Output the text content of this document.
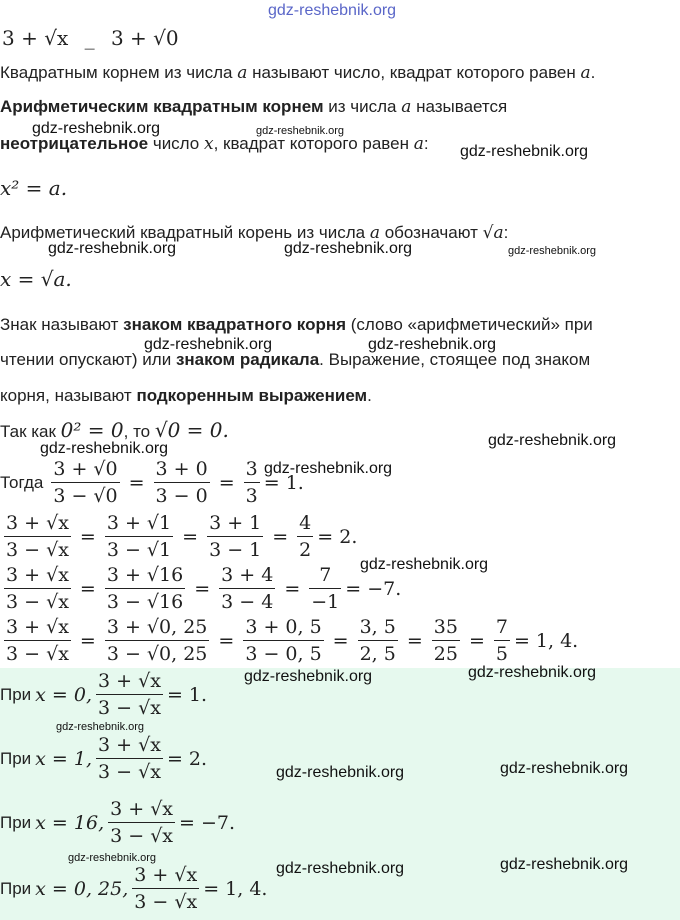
gdz-reshebnik.org
3 + √x _ 3 + √0
Квадратным корнем из числа a называют число, квадрат которого равен a.
Арифметическим квадратным корнем из числа a называется
gdz-reshebnik.org	gdz-reshebnik.org
неотрицательное число x, квадрат которого равен a: gdz-reshebnik.org
x² = a.
Арифметический квадратный корень из числа a обозначают √a:
gdz-reshebnik.org	gdz-reshebnik.org	gdz-reshebnik.org
x = √a.
Знак называют знаком квадратного корня (слово «арифметический» при
gdz-reshebnik.org	gdz-reshebnik.org
чтении опускают) или знаком радикала. Выражение, стоящее под знаком
корня, называют подкоренным выражением.
Так как 0² = 0, то √0 = 0.	gdz-reshebnik.org
gdz-reshebnik.org
Тогда $\frac{3 + √0}{3 - √0} = \frac{3 + 0}{3 - 0} = \frac{3}{3} = 1$.
gdz-reshebnik.org
$\frac{3 + √x}{3 - √x} = \frac{3 + √1}{3 - √1} = \frac{3 + 1}{3 - 1} = \frac{4}{2} = 2$.
gdz-reshebnik.org
$\frac{3 + √x}{3 - √x} = \frac{3 + √16}{3 - √16} = \frac{3 + 4}{3 - 4} = \frac{7}{-1} = -7$.
$\frac{3 + √x}{3 - √x} = \frac{3 + √0, 25}{3 - √0, 25} = \frac{3 + 0, 5}{3 - 0, 5} = \frac{3, 5}{2, 5} = \frac{35}{25} = \frac{7}{5} = 1$, 4.
При x = 0, $\frac{3 + √x}{3 - √x} = 1$.
gdz-reshebnik.org	gdz-reshebnik.org
gdz-reshebnik.org
При x = 1, $\frac{3 + √x}{3 - √x} = 2$.
gdz-reshebnik.org	gdz-reshebnik.org
При x = 16, $\frac{3 + √x}{3 - √x} = -7$.
gdz-reshebnik.org
gdz-reshebnik.org	gdz-reshebnik.org
При x = 0, 25, $\frac{3 + √x}{3 - √x} = 1$, 4.
